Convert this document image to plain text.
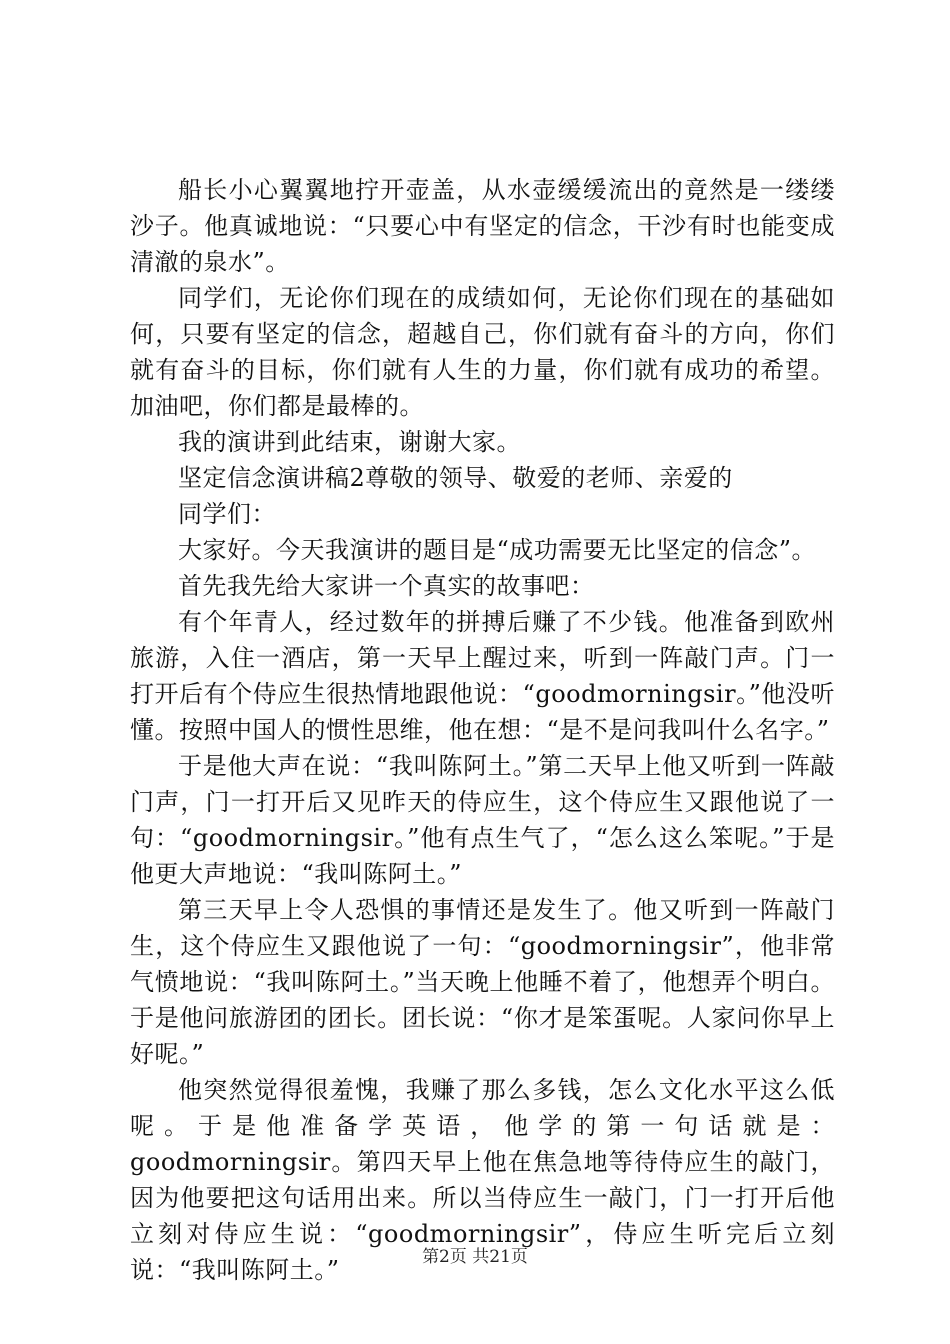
船长小心翼翼地拧开壶盖，从水壶缓缓流出的竟然是一缕缕沙子。他真诚地说：“只要心中有坚定的信念，干沙有时也能变成清澈的泉水”。

同学们，无论你们现在的成绩如何，无论你们现在的基础如何，只要有坚定的信念，超越自己，你们就有奋斗的方向，你们就有奋斗的目标，你们就有人生的力量，你们就有成功的希望。加油吧，你们都是最棒的。

我的演讲到此结束，谢谢大家。

坚定信念演讲稿2尊敬的领导、敬爱的老师、亲爱的

同学们：

大家好。今天我演讲的题目是“成功需要无比坚定的信念”。

首先我先给大家讲一个真实的故事吧：

有个年青人，经过数年的拼搏后赚了不少钱。他准备到欧州旅游，入住一酒店，第一天早上醒过来，听到一阵敲门声。门一打开后有个侍应生很热情地跟他说：“goodmorningsir。”他没听懂。按照中国人的惯性思维，他在想：“是不是问我叫什么名字。”

于是他大声在说：“我叫陈阿土。”第二天早上他又听到一阵敲门声，门一打开后又见昨天的侍应生，这个侍应生又跟他说了一句：“goodmorningsir。”他有点生气了，“怎么这么笨呢。”于是他更大声地说：“我叫陈阿土。”

第三天早上令人恐惧的事情还是发生了。他又听到一阵敲门生，这个侍应生又跟他说了一句：“goodmorningsir”，他非常气愤地说：“我叫陈阿土。”当天晚上他睡不着了，他想弄个明白。于是他问旅游团的团长。团长说：“你才是笨蛋呢。人家问你早上好呢。”

他突然觉得很羞愧，我赚了那么多钱，怎么文化水平这么低呢。于是他准备学英语，他学的第一句话就是：goodmorningsir。第四天早上他在焦急地等待侍应生的敲门，因为他要把这句话用出来。所以当侍应生一敲门，门一打开后他立刻对侍应生说：“goodmorningsir”，侍应生听完后立刻说：“我叫陈阿土。”	第2页 共21页
